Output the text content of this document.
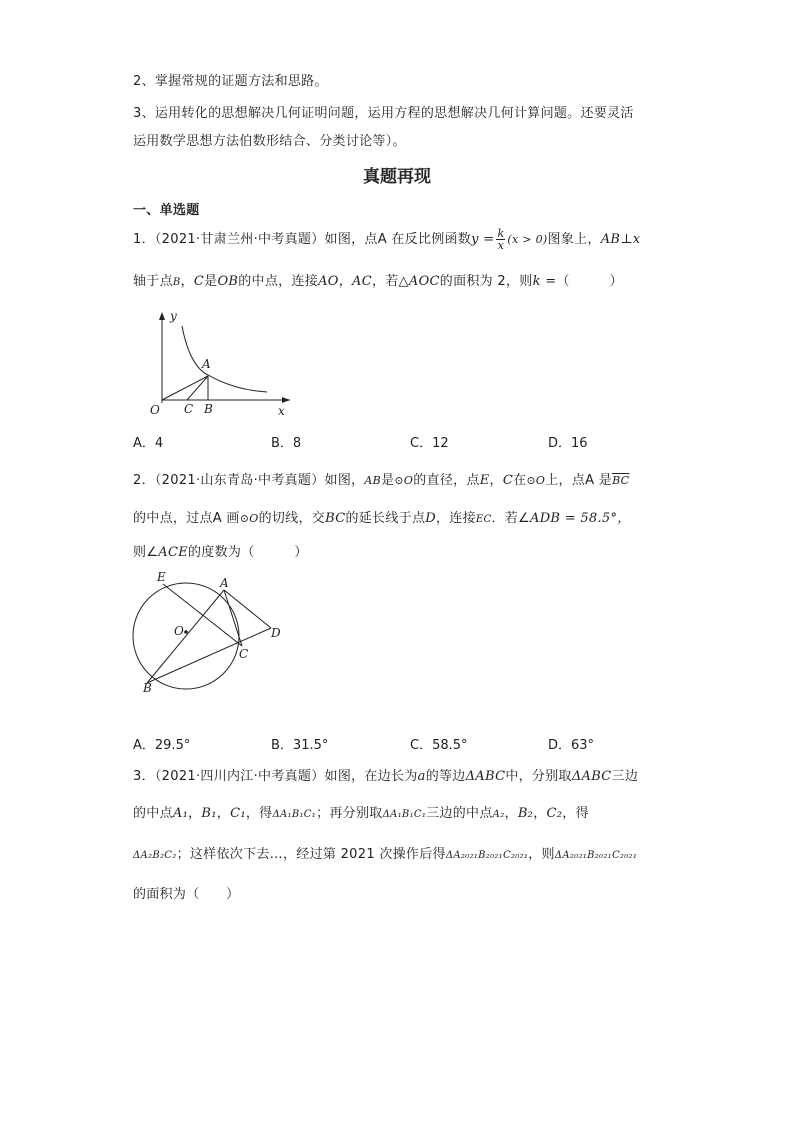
2、掌握常规的证题方法和思路。
3、运用转化的思想解决几何证明问题，运用方程的思想解决几何计算问题。还要灵活
运用数学思想方法伯数形结合、分类讨论等）。
真题再现
一、单选题
1．（2021·甘肃兰州·中考真题）如图，点A 在反比例函数$y = \frac{k}{x} (x > 0)$图象上，AB⊥x
轴于点B，C是OB的中点，连接AO，AC，若△AOC的面积为 2，则k =（　　　）
y
x
O
A
C B
A．4	B．8	C．12	D．16
2．（2021·山东青岛·中考真题）如图，AB是⊙O的直径，点E，C在⊙O上，点A 是$\overline{BC}$
的中点，过点A 画⊙O的切线，交BC的延长线于点D，连接EC．若∠ADB = 58.5°，
则∠ACE的度数为（　　　）
E	A
O	D
C
B
A．29.5°	B．31.5°	C．58.5°	D．63°
3．（2021·四川内江·中考真题）如图，在边长为a的等边ΔABC中，分别取ΔABC三边
的中点A₁，B₁，C₁，得ΔA₁B₁C₁；再分别取ΔA₁B₁C₁三边的中点A₂，B₂，C₂，得
ΔA₂B₂C₂；这样依次下去…，经过第 2021 次操作后得ΔA₂₀₂₁B₂₀₂₁C₂₀₂₁，则ΔA₂₀₂₁B₂₀₂₁C₂₀₂₁
的面积为（　　）
